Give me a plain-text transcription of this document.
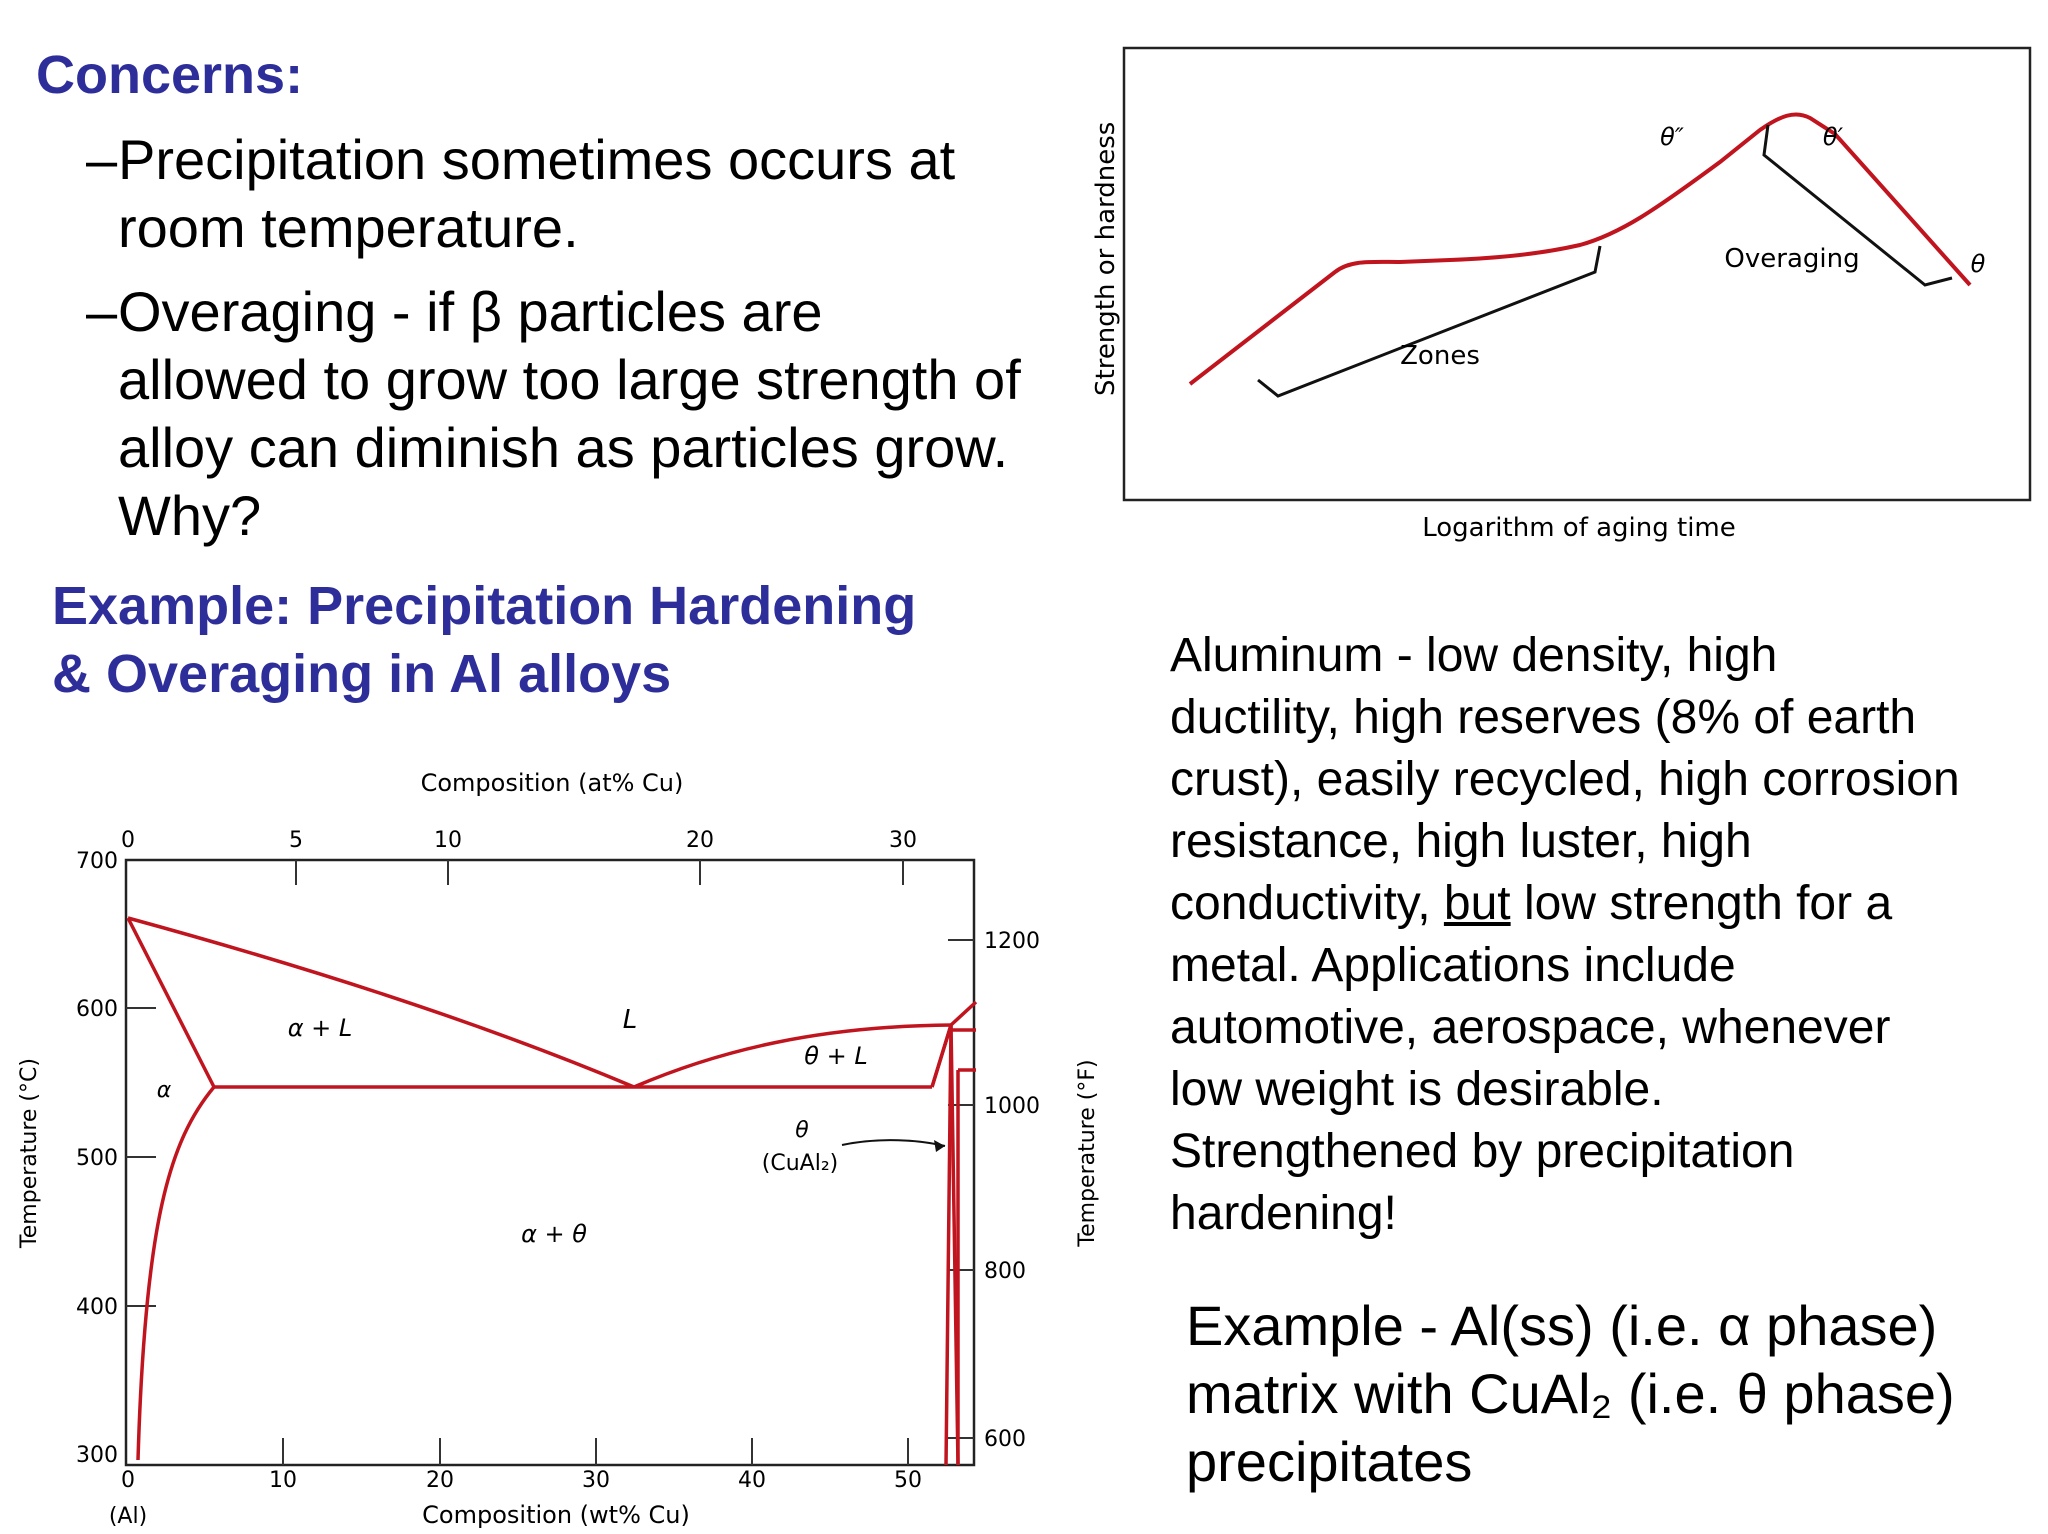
Concerns:
– Precipitation sometimes occurs at
room temperature.
– Overaging - if β particles are
allowed to grow too large strength of
alloy can diminish as particles grow.
Why?
Example: Precipitation Hardening
& Overaging in Al alloys
Strength or hardness
Logarithm of aging time
Zones
Overaging
θ″	θ′
θ
Composition (at% Cu)
0	5	10	20	30
700
600
500
400
300
Temperature (°C)
0	10	20	30	40	50
(Al)	Composition (wt% Cu)
1200
1000
800
600
Temperature (°F)
α + L	L
θ + L
α
θ
(CuAl₂)
α + θ
Aluminum - low density, high
ductility, high reserves (8% of earth
crust), easily recycled, high corrosion
resistance, high luster, high
conductivity, but low strength for a
metal. Applications include
automotive, aerospace, whenever
low weight is desirable.
Strengthened by precipitation
hardening!
Example - Al(ss) (i.e. α phase)
matrix with CuAl₂ (i.e. θ phase)
precipitates
